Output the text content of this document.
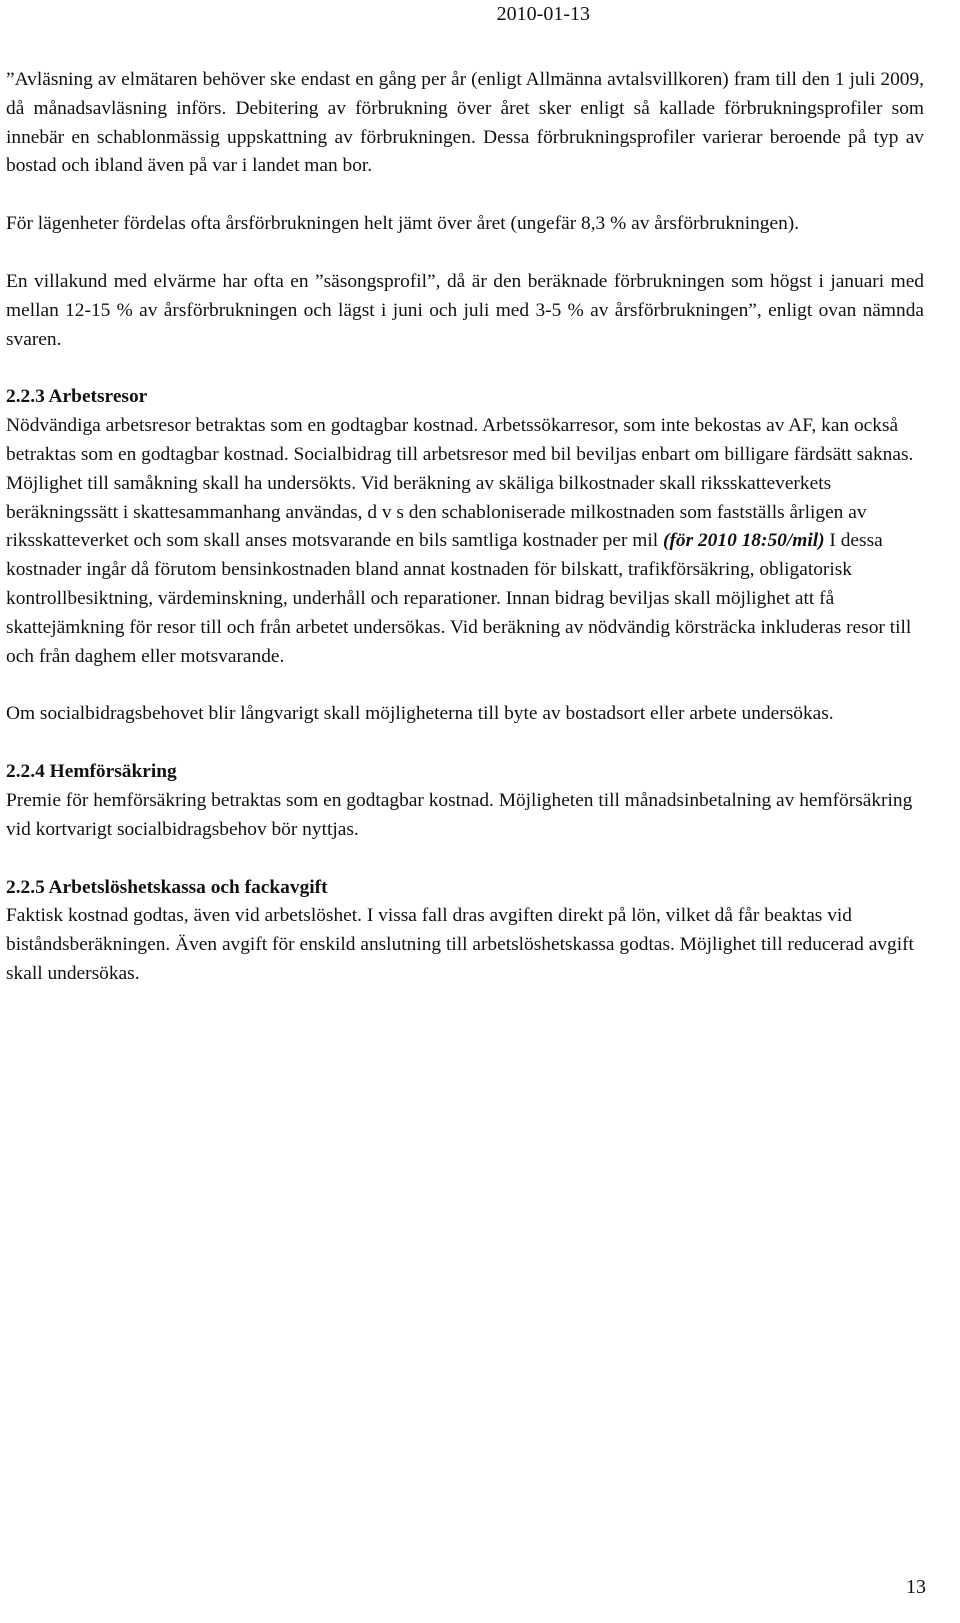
2010-01-13

”Avläsning av elmätaren behöver ske endast en gång per år (enligt Allmänna avtalsvillkoren) fram till den 1 juli 2009, då månadsavläsning införs. Debitering av förbrukning över året sker enligt så kallade förbrukningsprofiler som innebär en schablonmässig uppskattning av förbrukningen. Dessa förbrukningsprofiler varierar beroende på typ av bostad och ibland även på var i landet man bor.

För lägenheter fördelas ofta årsförbrukningen helt jämt över året (ungefär 8,3 % av årsförbrukningen).

En villakund med elvärme har ofta en ”säsongsprofil”, då är den beräknade förbrukningen som högst i januari med mellan 12-15 % av årsförbrukningen och lägst i juni och juli med 3-5 % av årsförbrukningen”, enligt ovan nämnda svaren.

2.2.3 Arbetsresor

Nödvändiga arbetsresor betraktas som en godtagbar kostnad. Arbetssökarresor, som inte bekostas av AF, kan också betraktas som en godtagbar kostnad. Socialbidrag till arbetsresor med bil beviljas enbart om billigare färdsätt saknas. Möjlighet till samåkning skall ha undersökts. Vid beräkning av skäliga bilkostnader skall riksskatteverkets beräkningssätt i skattesammanhang användas, d v s den schabloniserade milkostnaden som fastställs årligen av riksskatteverket och som skall anses motsvarande en bils samtliga kostnader per mil (för 2010 18:50/mil) I dessa kostnader ingår då förutom bensinkostnaden bland annat kostnaden för bilskatt, trafikförsäkring, obligatorisk kontrollbesiktning, värdeminskning, underhåll och reparationer. Innan bidrag beviljas skall möjlighet att få skattejämkning för resor till och från arbetet undersökas. Vid beräkning av nödvändig körsträcka inkluderas resor till och från daghem eller motsvarande.

Om socialbidragsbehovet blir långvarigt skall möjligheterna till byte av bostadsort eller arbete undersökas.

2.2.4 Hemförsäkring

Premie för hemförsäkring betraktas som en godtagbar kostnad. Möjligheten till månadsinbetalning av hemförsäkring vid kortvarigt socialbidragsbehov bör nyttjas.

2.2.5 Arbetslöshetskassa och fackavgift

Faktisk kostnad godtas, även vid arbetslöshet. I vissa fall dras avgiften direkt på lön, vilket då får beaktas vid biståndsberäkningen. Även avgift för enskild anslutning till arbetslöshetskassa godtas. Möjlighet till reducerad avgift skall undersökas.

13
